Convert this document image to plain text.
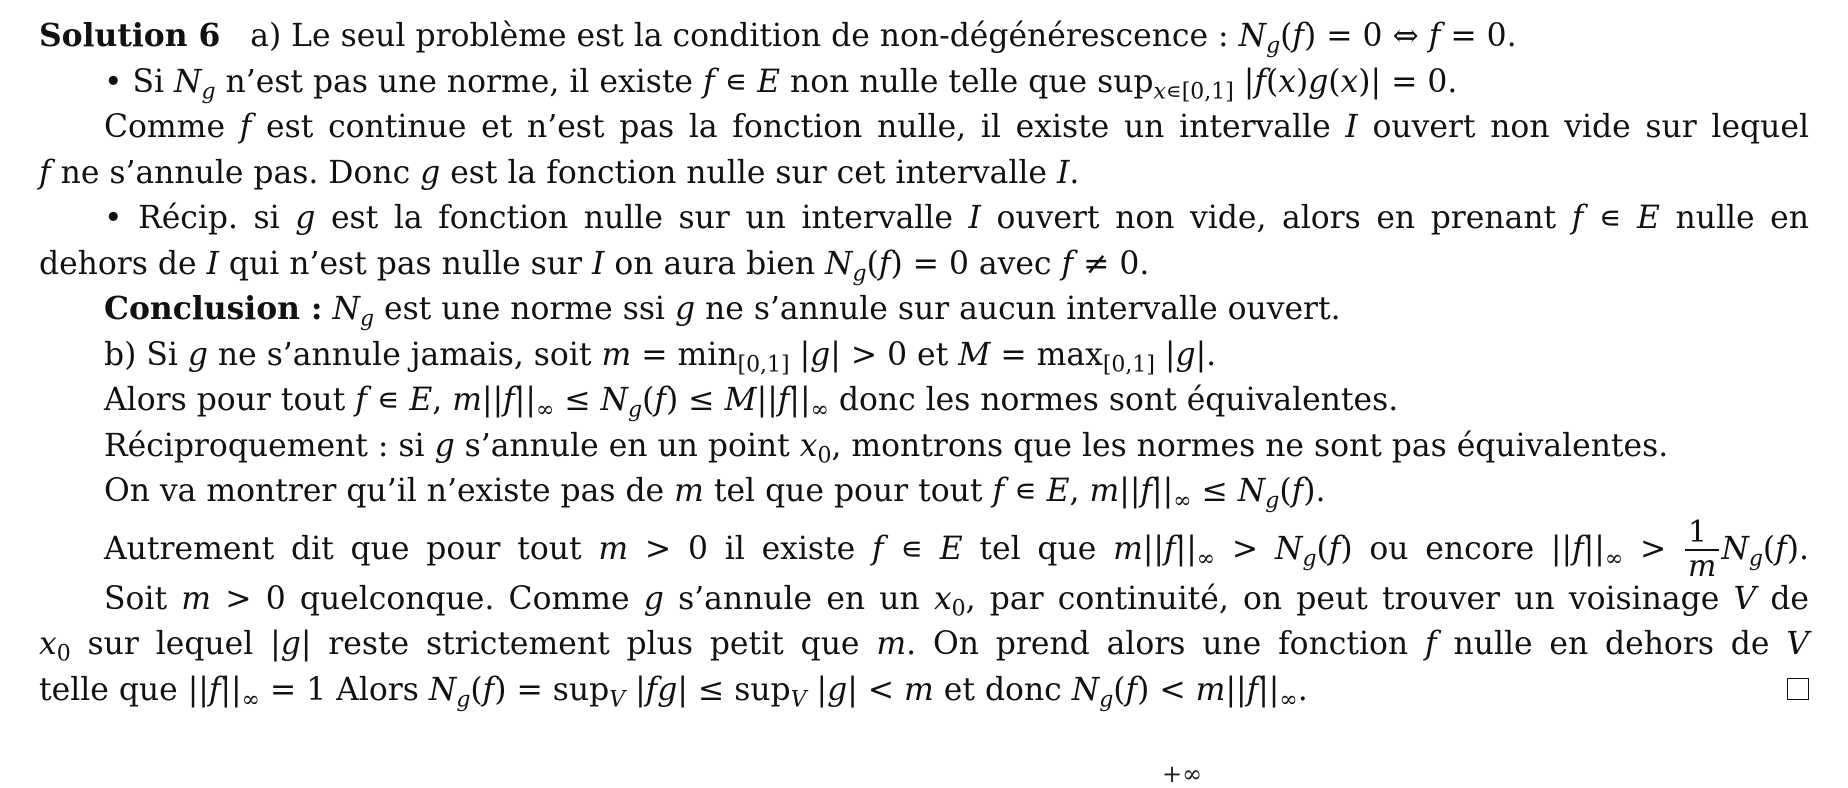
Solution 6   a) Le seul problème est la condition de non-dégénérescence : $N_g(f) = 0$ ⇔ f = 0.
• Si $N_g$ n’est pas une norme, il existe f ∊ E non nulle telle que sup$_{x∊[0,1]}$ |f(x)g(x)| = 0.
Comme f est continue et n’est pas la fonction nulle, il existe un intervalle I ouvert non vide sur lequel
f ne s’annule pas. Donc g est la fonction nulle sur cet intervalle I.
• Récip. si g est la fonction nulle sur un intervalle I ouvert non vide, alors en prenant f ∊ E nulle en
dehors de I qui n’est pas nulle sur I on aura bien $N_g(f) = 0$ avec f ≠ 0.
Conclusion : $N_g$ est une norme ssi g ne s’annule sur aucun intervalle ouvert.
b) Si g ne s’annule jamais, soit $m = \min_{[0,1]} |g| > 0$ et $M = \max_{[0,1]} |g|$.
Alors pour tout f ∊ E, $m||f||_\infty \le N_g(f) \le M||f||_\infty$ donc les normes sont équivalentes.
Réciproquement : si g s’annule en un point $x_0$, montrons que les normes ne sont pas équivalentes.
On va montrer qu’il n’existe pas de m tel que pour tout f ∊ E, $m||f||_\infty \le N_g(f)$.
Autrement dit que pour tout m > 0 il existe f ∊ E tel que $m||f||_\infty > N_g(f)$ ou encore $||f||_\infty > \frac{1}{m} N_g(f)$.
Soit m > 0 quelconque. Comme g s’annule en un $x_0$, par continuité, on peut trouver un voisinage V de
$x_0$ sur lequel |g| reste strictement plus petit que m. On prend alors une fonction f nulle en dehors de V
telle que $||f||_\infty = 1$ Alors $N_g(f) = sup_V$ |fg| ≤ sup$_V$ |g| < m et donc $N_g(f) < m||f||_\infty$.
+∞
